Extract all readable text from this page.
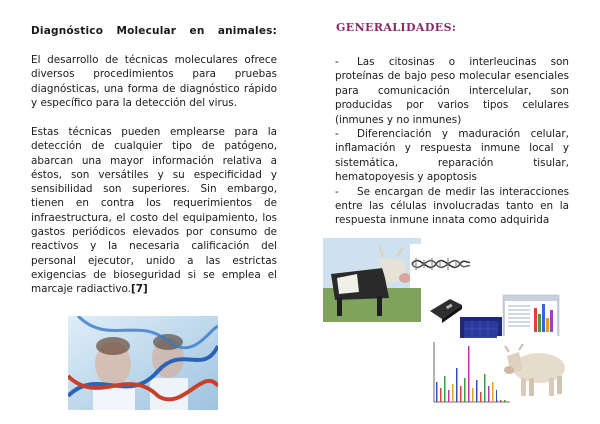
Diagnóstico Molecular en animales:

El desarrollo de técnicas moleculares ofrece diversos procedimientos para pruebas diagnósticas, una forma de diagnóstico rápido y específico para la detección del virus.

Estas técnicas pueden emplearse para la detección de cualquier tipo de patógeno, abarcan una mayor información relativa a éstos, son versátiles y su especificidad y sensibilidad son superiores. Sin embargo, tienen en contra los requerimientos de infraestructura, el costo del equipamiento, los gastos periódicos elevados por consumo de reactivos y la necesaria calificación del personal ejecutor, unido a las estrictas exigencias de bioseguridad si se emplea el marcaje radiactivo.[7]

GENERALIDADES:

- Las citosinas o interleucinas son proteínas de bajo peso molecular esenciales para comunicación intercelular, son producidas por varios tipos celulares (inmunes y no inmunes)
- Diferenciación y maduración celular, inflamación y respuesta inmune local y sistemática, reparación tisular, hematopoyesis y apoptosis
- Se encargan de medir las interacciones entre las células involucradas tanto en la respuesta inmune innata como adquirida
